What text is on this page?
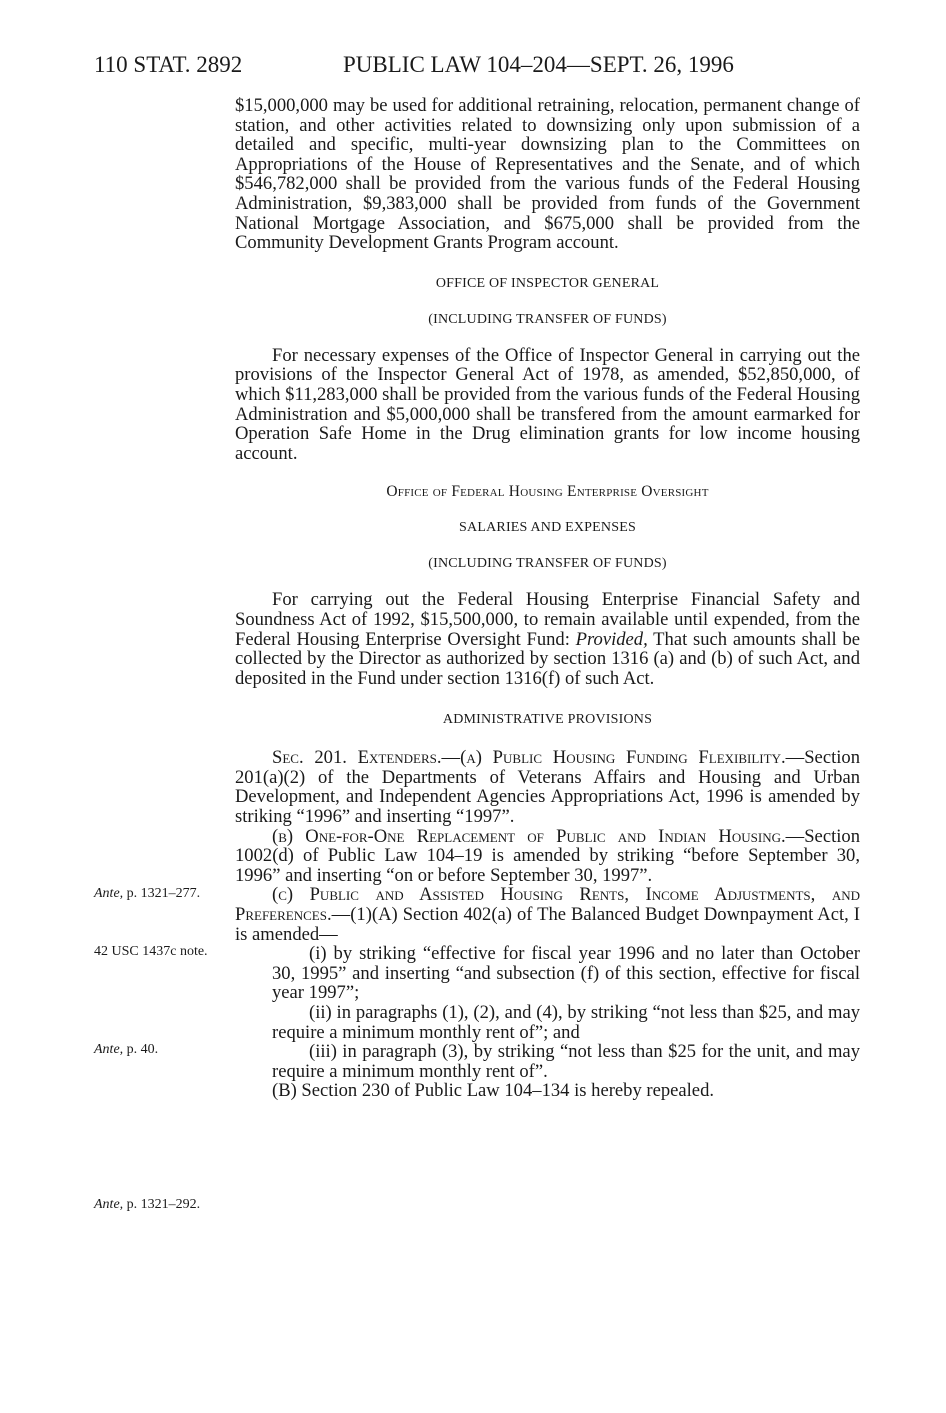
110 STAT. 2892	PUBLIC LAW 104–204—SEPT. 26, 1996

$15,000,000 may be used for additional retraining, relocation, permanent change of station, and other activities related to downsizing only upon submission of a detailed and specific, multi-year downsizing plan to the Committees on Appropriations of the House of Representatives and the Senate, and of which $546,782,000 shall be provided from the various funds of the Federal Housing Administration, $9,383,000 shall be provided from funds of the Government National Mortgage Association, and $675,000 shall be provided from the Community Development Grants Program account.

OFFICE OF INSPECTOR GENERAL

(INCLUDING TRANSFER OF FUNDS)

For necessary expenses of the Office of Inspector General in carrying out the provisions of the Inspector General Act of 1978, as amended, $52,850,000, of which $11,283,000 shall be provided from the various funds of the Federal Housing Administration and $5,000,000 shall be transfered from the amount earmarked for Operation Safe Home in the Drug elimination grants for low income housing account.

Office of Federal Housing Enterprise Oversight

SALARIES AND EXPENSES

(INCLUDING TRANSFER OF FUNDS)

For carrying out the Federal Housing Enterprise Financial Safety and Soundness Act of 1992, $15,500,000, to remain available until expended, from the Federal Housing Enterprise Oversight Fund: Provided, That such amounts shall be collected by the Director as authorized by section 1316 (a) and (b) of such Act, and deposited in the Fund under section 1316(f) of such Act.

ADMINISTRATIVE PROVISIONS

Sec. 201. Extenders.—(a) Public Housing Funding Flexibility.—Section 201(a)(2) of the Departments of Veterans Affairs and Housing and Urban Development, and Independent Agencies Appropriations Act, 1996 is amended by striking “1996” and inserting “1997”.

(b) One-for-One Replacement of Public and Indian Housing.—Section 1002(d) of Public Law 104–19 is amended by striking “before September 30, 1996” and inserting “on or before September 30, 1997”.

(c) Public and Assisted Housing Rents, Income Adjustments, and Preferences.—(1)(A) Section 402(a) of The Balanced Budget Downpayment Act, I is amended—

(i) by striking “effective for fiscal year 1996 and no later than October 30, 1995” and inserting “and subsection (f) of this section, effective for fiscal year 1997”;

(ii) in paragraphs (1), (2), and (4), by striking “not less than $25, and may require a minimum monthly rent of”; and

(iii) in paragraph (3), by striking “not less than $25 for the unit, and may require a minimum monthly rent of”.

(B) Section 230 of Public Law 104–134 is hereby repealed.

Ante, p. 1321–277.
42 USC 1437c note.
Ante, p. 40.
Ante, p. 1321–292.
